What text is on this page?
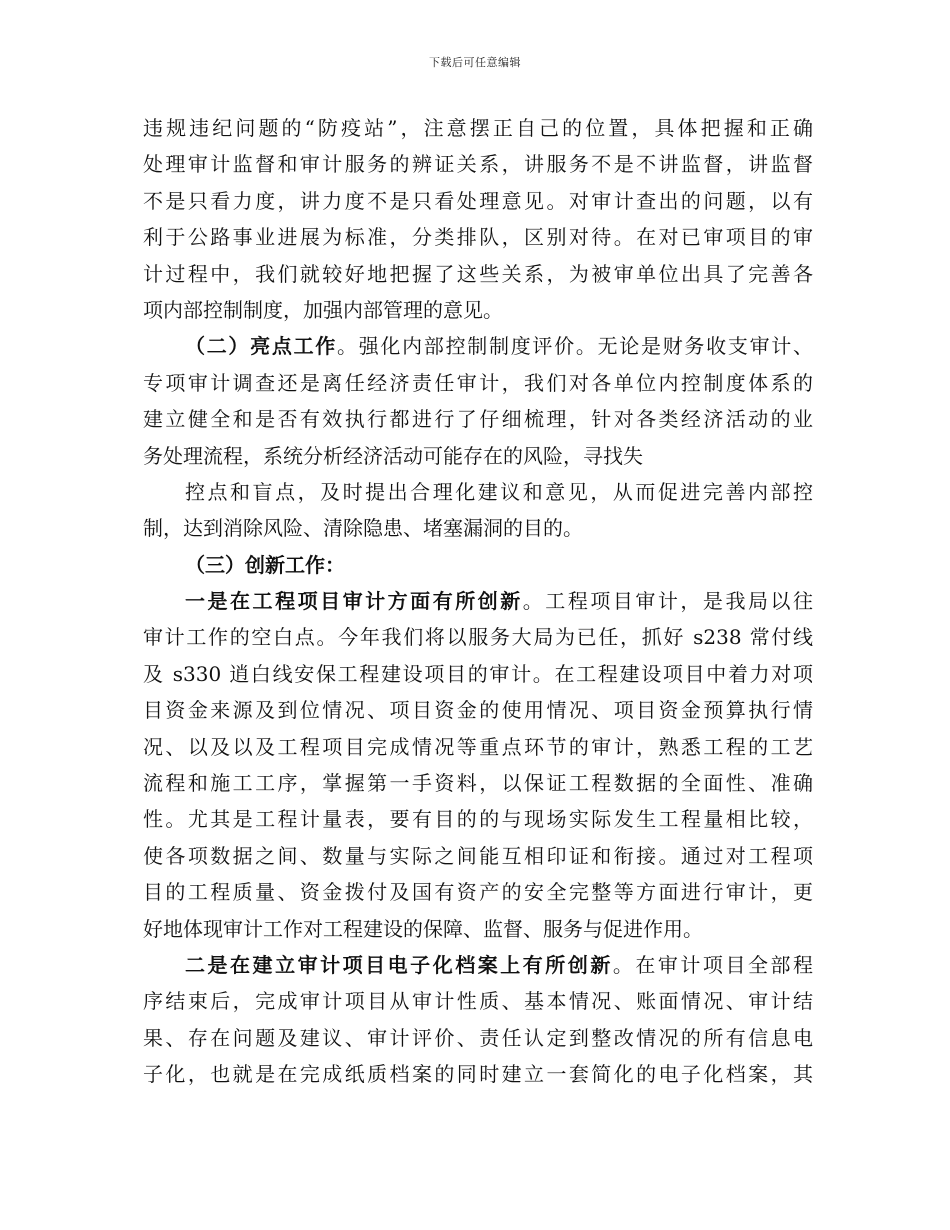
下载后可任意编辑
违规违纪问题的“防疫站”，注意摆正自己的位置，具体把握和正确
处理审计监督和审计服务的辨证关系，讲服务不是不讲监督，讲监督
不是只看力度，讲力度不是只看处理意见。对审计查出的问题，以有
利于公路事业进展为标准，分类排队，区别对待。在对已审项目的审
计过程中，我们就较好地把握了这些关系，为被审单位出具了完善各
项内部控制制度，加强内部管理的意见。
（二）亮点工作。强化内部控制制度评价。无论是财务收支审计、
专项审计调查还是离任经济责任审计，我们对各单位内控制度体系的
建立健全和是否有效执行都进行了仔细梳理，针对各类经济活动的业
务处理流程，系统分析经济活动可能存在的风险，寻找失
控点和盲点，及时提出合理化建议和意见，从而促进完善内部控
制，达到消除风险、清除隐患、堵塞漏洞的目的。
（三）创新工作：
一是在工程项目审计方面有所创新。工程项目审计，是我局以往
审计工作的空白点。今年我们将以服务大局为已任，抓好 s238 常付线
及 s330 逍白线安保工程建设项目的审计。在工程建设项目中着力对项
目资金来源及到位情况、项目资金的使用情况、项目资金预算执行情
况、以及以及工程项目完成情况等重点环节的审计，熟悉工程的工艺
流程和施工工序，掌握第一手资料，以保证工程数据的全面性、准确
性。尤其是工程计量表，要有目的的与现场实际发生工程量相比较，
使各项数据之间、数量与实际之间能互相印证和衔接。通过对工程项
目的工程质量、资金拨付及国有资产的安全完整等方面进行审计，更
好地体现审计工作对工程建设的保障、监督、服务与促进作用。
二是在建立审计项目电子化档案上有所创新。在审计项目全部程
序结束后，完成审计项目从审计性质、基本情况、账面情况、审计结
果、存在问题及建议、审计评价、责任认定到整改情况的所有信息电
子化，也就是在完成纸质档案的同时建立一套简化的电子化档案，其
